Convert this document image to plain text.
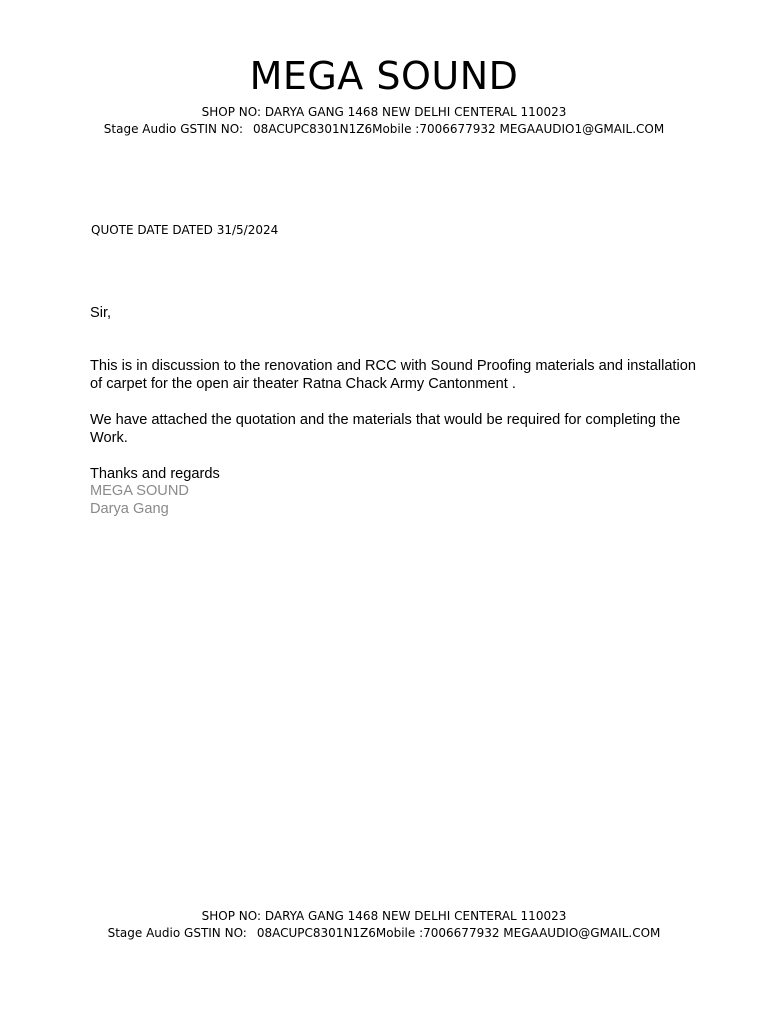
MEGA SOUND
SHOP NO: DARYA GANG 1468 NEW DELHI CENTERAL 110023
Stage Audio GSTIN NO: 08ACUPC8301N1Z6Mobile :7006677932 MEGAAUDIO1@GMAIL.COM
QUOTE DATE DATED 31/5/2024
Sir,
This is in discussion to the renovation and RCC with Sound Proofing materials and installation of carpet for the open air theater Ratna Chack Army Cantonment .
We have attached the quotation and the materials that would be required for completing the Work.
Thanks and regards
MEGA SOUND
Darya Gang
SHOP NO: DARYA GANG 1468 NEW DELHI CENTERAL 110023
Stage Audio GSTIN NO: 08ACUPC8301N1Z6Mobile :7006677932 MEGAAUDIO@GMAIL.COM
